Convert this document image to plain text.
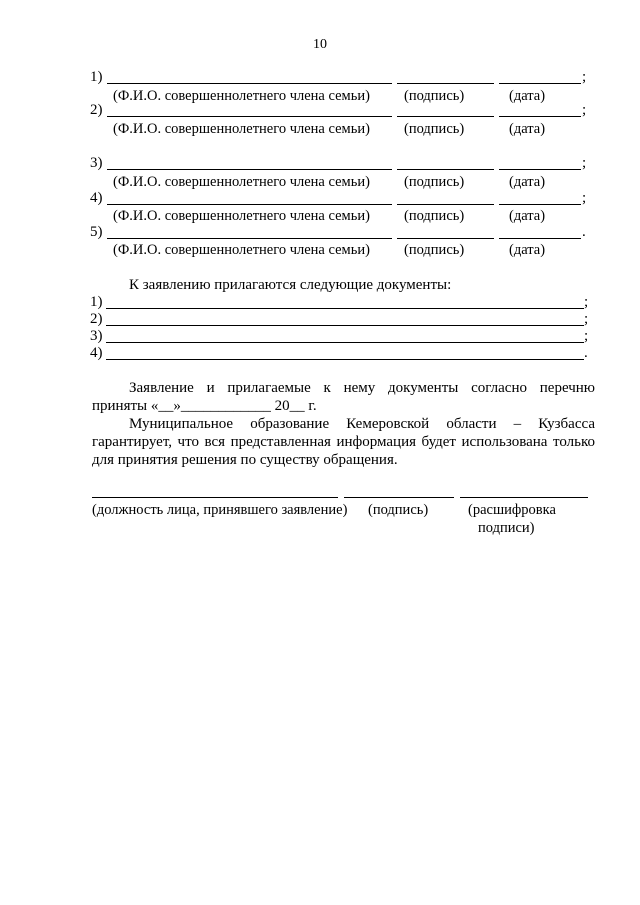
10
1)	;
(Ф.И.О. совершеннолетнего члена семьи) (подпись)	(дата)
2)	;
(Ф.И.О. совершеннолетнего члена семьи) (подпись)	(дата)
3)	;
(Ф.И.О. совершеннолетнего члена семьи) (подпись)	(дата)
4)	;
(Ф.И.О. совершеннолетнего члена семьи) (подпись)	(дата)
5)	.
(Ф.И.О. совершеннолетнего члена семьи) (подпись)	(дата)
К заявлению прилагаются следующие документы:
1)	;
2)	;
3)	;
4)	.
Заявление и прилагаемые к нему документы согласно перечню
приняты «__»____________ 20__ г.
Муниципальное образование Кемеровской области – Кузбасса
гарантирует, что вся представленная информация будет использована только
для принятия решения по существу обращения.
(должность лица, принявшего заявление) (подпись)	(расшифровка
подписи)
